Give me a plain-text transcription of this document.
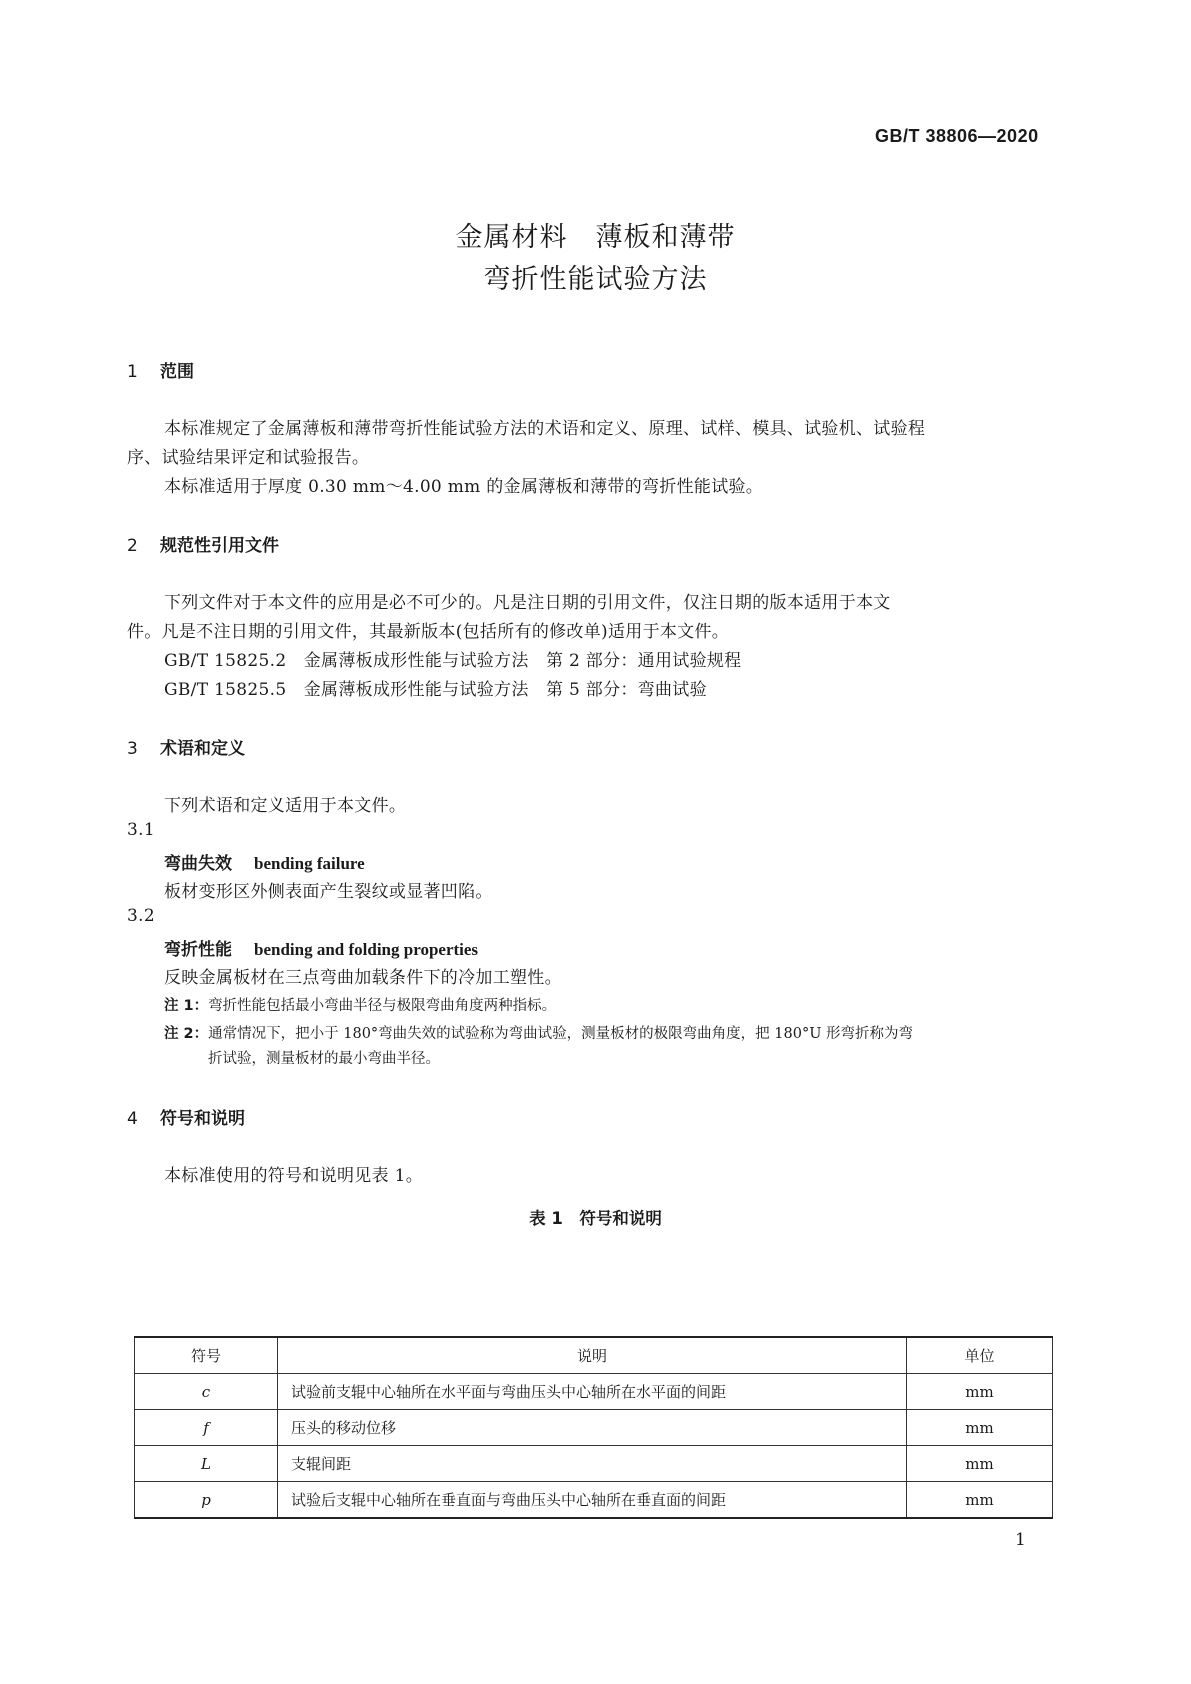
GB/T 38806—2020
金属材料　薄板和薄带
弯折性能试验方法
1 范围
本标准规定了金属薄板和薄带弯折性能试验方法的术语和定义、原理、试样、模具、试验机、试验程
序、试验结果评定和试验报告。
本标准适用于厚度 0.30 mm～4.00 mm 的金属薄板和薄带的弯折性能试验。
2 规范性引用文件
下列文件对于本文件的应用是必不可少的。凡是注日期的引用文件，仅注日期的版本适用于本文
件。凡是不注日期的引用文件，其最新版本(包括所有的修改单)适用于本文件。
GB/T 15825.2　金属薄板成形性能与试验方法　第 2 部分：通用试验规程
GB/T 15825.5　金属薄板成形性能与试验方法　第 5 部分：弯曲试验
3 术语和定义
下列术语和定义适用于本文件。
3.1
弯曲失效 bending failure
板材变形区外侧表面产生裂纹或显著凹陷。
3.2
弯折性能 bending and folding properties
反映金属板材在三点弯曲加载条件下的冷加工塑性。
注 1：弯折性能包括最小弯曲半径与极限弯曲角度两种指标。
注 2：通常情况下，把小于 180°弯曲失效的试验称为弯曲试验，测量板材的极限弯曲角度，把 180°U 形弯折称为弯
折试验，测量板材的最小弯曲半径。
4 符号和说明
本标准使用的符号和说明见表 1。
表 1　符号和说明
符号	说明	单位
c	试验前支辊中心轴所在水平面与弯曲压头中心轴所在水平面的间距	mm
f	压头的移动位移	mm
L	支辊间距	mm
p	试验后支辊中心轴所在垂直面与弯曲压头中心轴所在垂直面的间距	mm
1
